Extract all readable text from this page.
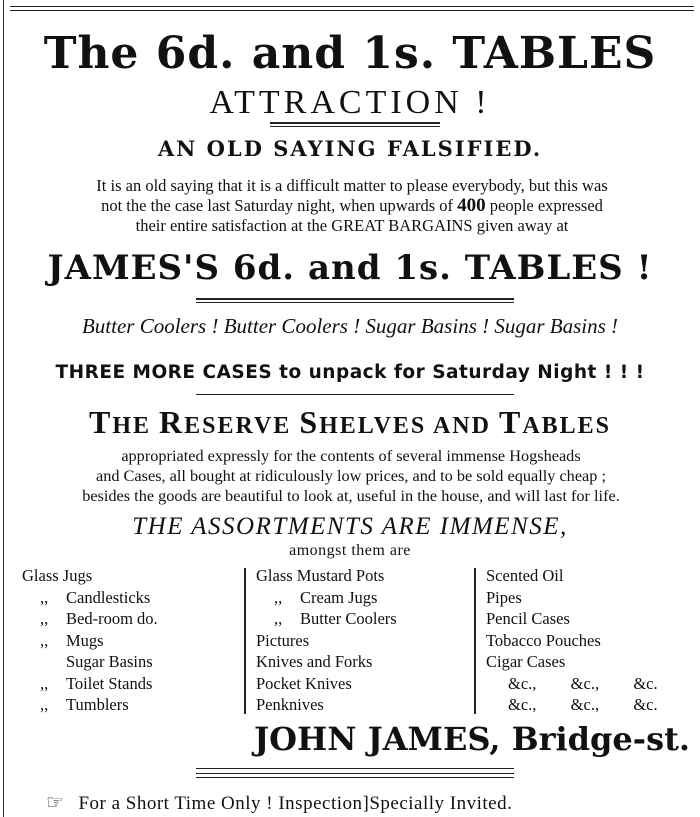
The 6d. and 1s. TABLES
ATTRACTION !
AN OLD SAYING FALSIFIED.
It is an old saying that it is a difficult matter to please everybody, but this was
not the the case last Saturday night, when upwards of 400 people expressed
their entire satisfaction at the GREAT BARGAINS given away at
JAMES'S 6d. and 1s. TABLES !
Butter Coolers ! Butter Coolers ! Sugar Basins ! Sugar Basins !
THREE MORE CASES to unpack for Saturday Night ! ! !
THE RESERVE SHELVES AND TABLES
appropriated expressly for the contents of several immense Hogsheads
and Cases, all bought at ridiculously low prices, and to be sold equally cheap ;
besides the goods are beautiful to look at, useful in the house, and will last for life.
THE ASSORTMENTS ARE IMMENSE,
amongst them are
Glass Jugs
,, Candlesticks
,, Bed-room do.
,, Mugs
Sugar Basins
,, Toilet Stands
,, Tumblers
Glass Mustard Pots
,, Cream Jugs
,, Butter Coolers
Pictures
Knives and Forks
Pocket Knives
Penknives
Scented Oil
Pipes
Pencil Cases
Tobacco Pouches
Cigar Cases
&c.,	&c.,	&c.
&c.,	&c.,	&c.
JOHN JAMES, Bridge-st.
☞ For a Short Time Only ! Inspection]Specially Invited.
